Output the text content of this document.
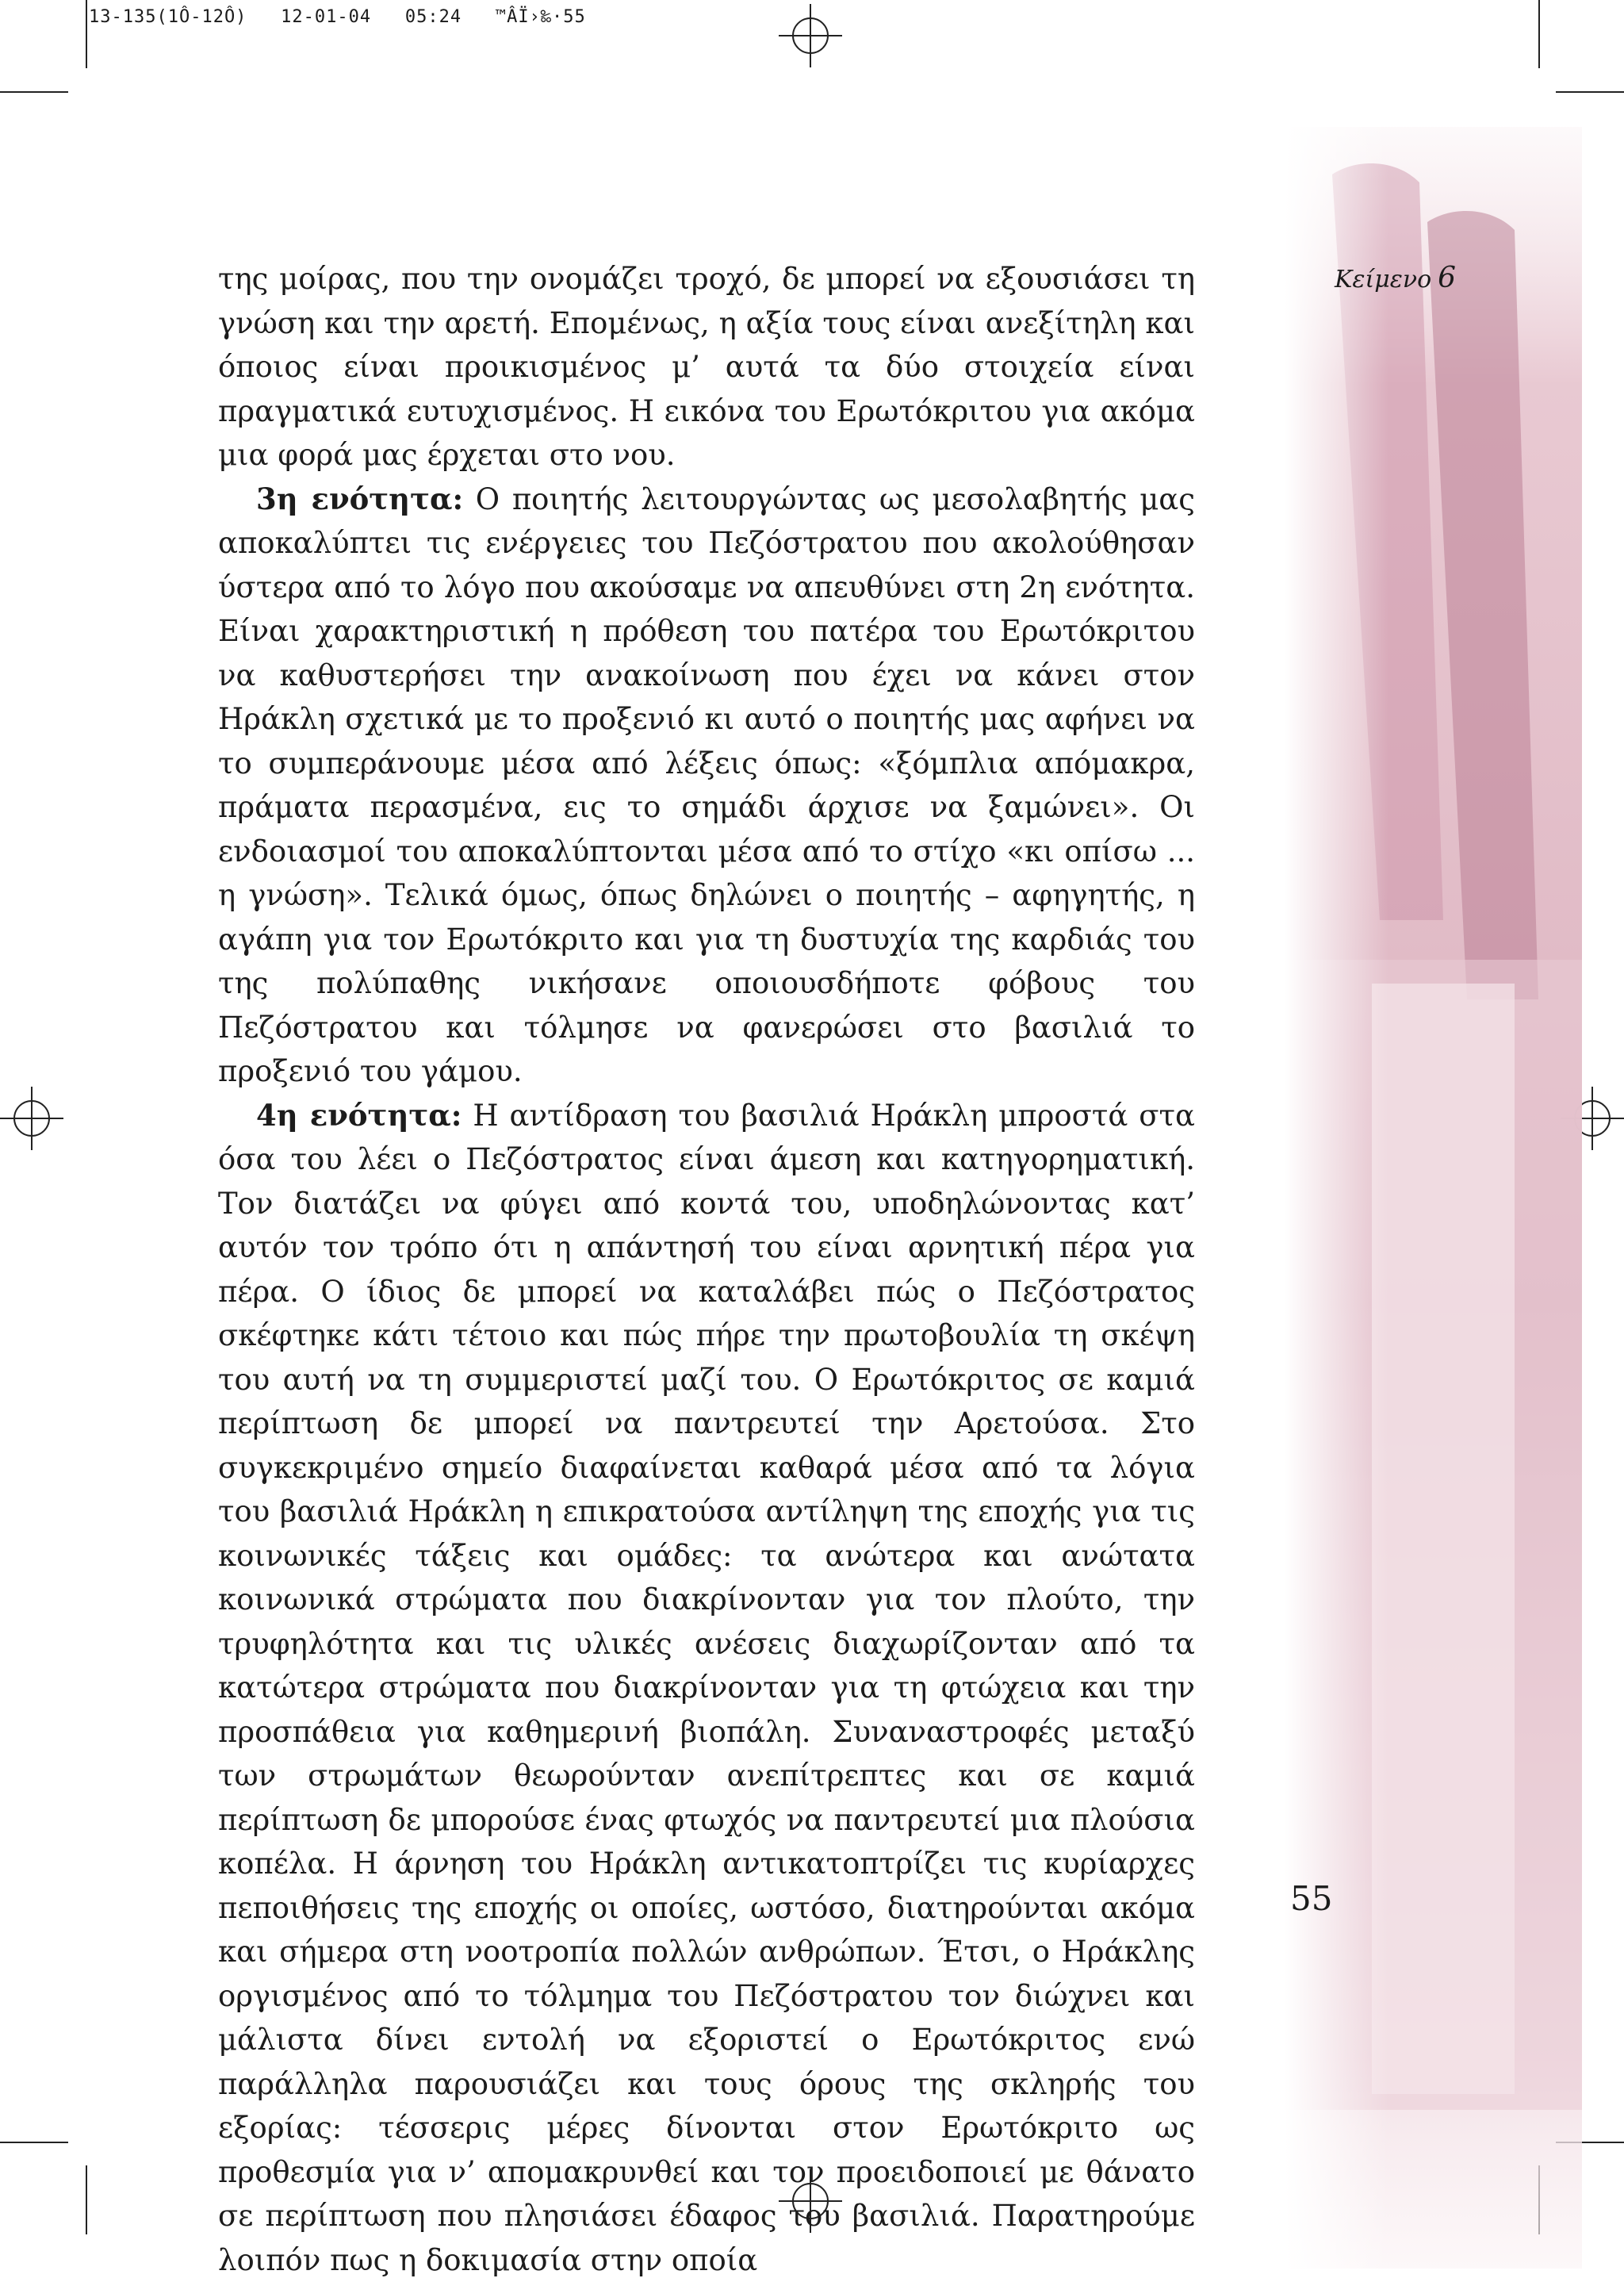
13-135(1Ô-12Ô)   12-01-04   05:24   ™ÂÏ›‰·55
Κείμενο 6

της μοίρας, που την ονομάζει τροχό, δε μπορεί να εξουσιάσει τη γνώση και την αρετή. Επομένως, η αξία τους είναι ανεξίτηλη και όποιος είναι προικισμένος μ’ αυτά τα δύο στοιχεία είναι πραγματικά ευτυχισμένος. Η εικόνα του Ερωτόκριτου για ακόμα μια φορά μας έρχεται στο νου.

3η ενότητα: Ο ποιητής λειτουργώντας ως μεσολαβητής μας αποκαλύπτει τις ενέργειες του Πεζόστρατου που ακολούθησαν ύστερα από το λόγο που ακούσαμε να απευθύνει στη 2η ενότητα. Είναι χαρακτηριστική η πρόθεση του πατέρα του Ερωτόκριτου να καθυστερήσει την ανακοίνωση που έχει να κάνει στον Ηράκλη σχετικά με το προξενιό κι αυτό ο ποιητής μας αφήνει να το συμπεράνουμε μέσα από λέξεις όπως: «ξόμπλια απόμακρα, πράματα περασμένα, εις το σημάδι άρχισε να ξαμώνει». Οι ενδοιασμοί του αποκαλύπτονται μέσα από το στίχο «κι οπίσω ... η γνώση». Τελικά όμως, όπως δηλώνει ο ποιητής – αφηγητής, η αγάπη για τον Ερωτόκριτο και για τη δυστυχία της καρδιάς του της πολύπαθης νικήσανε οποιουσδήποτε φόβους του Πεζόστρατου και τόλμησε να φανερώσει στο βασιλιά το προξενιό του γάμου.

4η ενότητα: Η αντίδραση του βασιλιά Ηράκλη μπροστά στα όσα του λέει ο Πεζόστρατος είναι άμεση και κατηγορηματική. Τον διατάζει να φύγει από κοντά του, υποδηλώνοντας κατ’ αυτόν τον τρόπο ότι η απάντησή του είναι αρνητική πέρα για πέρα. Ο ίδιος δε μπορεί να καταλάβει πώς ο Πεζόστρατος σκέφτηκε κάτι τέτοιο και πώς πήρε την πρωτοβουλία τη σκέψη του αυτή να τη συμμεριστεί μαζί του. Ο Ερωτόκριτος σε καμιά περίπτωση δε μπορεί να παντρευτεί την Αρετούσα. Στο συγκεκριμένο σημείο διαφαίνεται καθαρά μέσα από τα λόγια του βασιλιά Ηράκλη η επικρατούσα αντίληψη της εποχής για τις κοινωνικές τάξεις και ομάδες: τα ανώτερα και ανώτατα κοινωνικά στρώματα που διακρίνονταν για τον πλούτο, την τρυφηλότητα και τις υλικές ανέσεις διαχωρίζονταν από τα κατώτερα στρώματα που διακρίνονταν για τη φτώχεια και την προσπάθεια για καθημερινή βιοπάλη. Συναναστροφές μεταξύ των στρωμάτων θεωρούνταν ανεπίτρεπτες και σε καμιά περίπτωση δε μπορούσε ένας φτωχός να παντρευτεί μια πλούσια κοπέλα. Η άρνηση του Ηράκλη αντικατοπτρίζει τις κυρίαρχες πεποιθήσεις της εποχής οι οποίες, ωστόσο, διατηρούνται ακόμα και σήμερα στη νοοτροπία πολλών ανθρώπων. Έτσι, ο Ηράκλης οργισμένος από το τόλμημα του Πεζόστρατου τον διώχνει και μάλιστα δίνει εντολή να εξοριστεί ο Ερωτόκριτος ενώ παράλληλα παρουσιάζει και τους όρους της σκληρής του εξορίας: τέσσερις μέρες δίνονται στον Ερωτόκριτο ως προθεσμία για ν’ απομακρυνθεί και τον προειδοποιεί με θάνατο σε περίπτωση που πλησιάσει έδαφος του βασιλιά. Παρατηρούμε λοιπόν πως η δοκιμασία στην οποία

55
